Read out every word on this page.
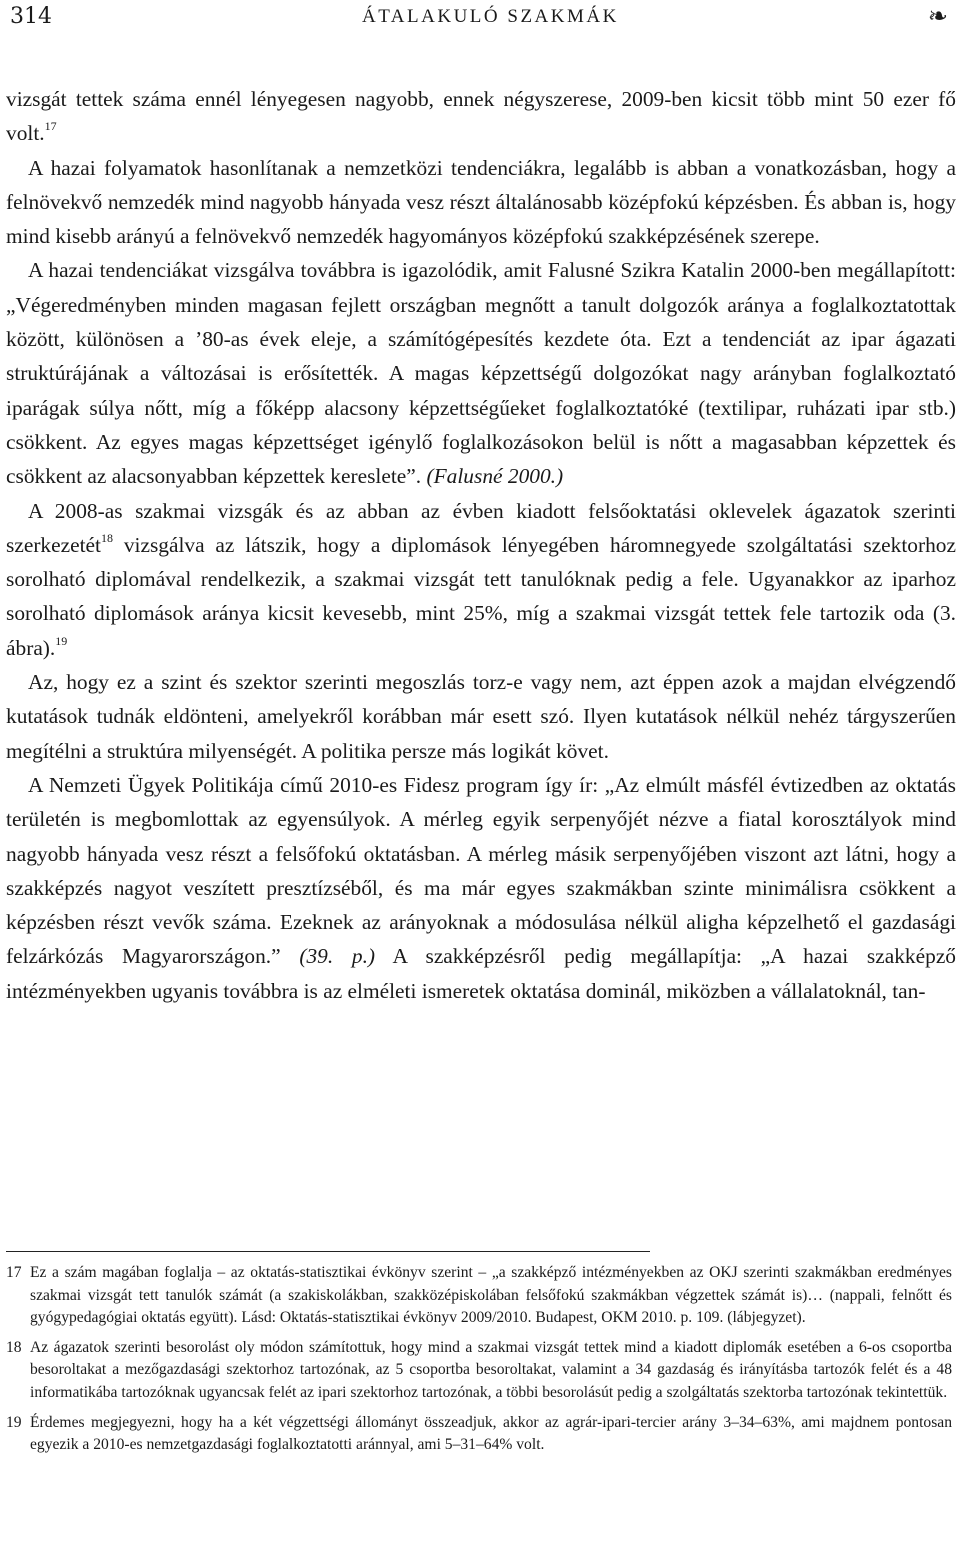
314	ÁTALAKULÓ SZAKMÁK	❧

vizsgát tettek száma ennél lényegesen nagyobb, ennek négyszerese, 2009-ben kicsit több mint 50 ezer fő volt.$^{17}$

A hazai folyamatok hasonlítanak a nemzetközi tendenciákra, legalább is abban a vonatkozásban, hogy a felnövekvő nemzedék mind nagyobb hányada vesz részt általánosabb középfokú képzésben. És abban is, hogy mind kisebb arányú a felnövekvő nemzedék hagyományos középfokú szakképzésének szerepe.

A hazai tendenciákat vizsgálva továbbra is igazolódik, amit Falusné Szikra Katalin 2000-ben megállapított: „Végeredményben minden magasan fejlett országban megnőtt a tanult dolgozók aránya a foglalkoztatottak között, különösen a ’80-as évek eleje, a számítógépesítés kezdete óta. Ezt a tendenciát az ipar ágazati struktúrájának a változásai is erősítették. A magas képzettségű dolgozókat nagy arányban foglalkoztató iparágak súlya nőtt, míg a főképp alacsony képzettségűeket foglalkoztatóké (textilipar, ruházati ipar stb.) csökkent. Az egyes magas képzettséget igénylő foglalkozásokon belül is nőtt a magasabban képzettek és csökkent az alacsonyabban képzettek kereslete”. (Falusné 2000.)

A 2008-as szakmai vizsgák és az abban az évben kiadott felsőoktatási oklevelek ágazatok szerinti szerkezetét$^{18}$ vizsgálva az látszik, hogy a diplomások lényegében háromnegyede szolgáltatási szektorhoz sorolható diplomával rendelkezik, a szakmai vizsgát tett tanulóknak pedig a fele. Ugyanakkor az iparhoz sorolható diplomások aránya kicsit kevesebb, mint 25%, míg a szakmai vizsgát tettek fele tartozik oda (3. ábra).$^{19}$

Az, hogy ez a szint és szektor szerinti megoszlás torz-e vagy nem, azt éppen azok a majdan elvégzendő kutatások tudnák eldönteni, amelyekről korábban már esett szó. Ilyen kutatások nélkül nehéz tárgyszerűen megítélni a struktúra milyenségét. A politika persze más logikát követ.

A Nemzeti Ügyek Politikája című 2010-es Fidesz program így ír: „Az elmúlt másfél évtizedben az oktatás területén is megbomlottak az egyensúlyok. A mérleg egyik serpenyőjét nézve a fiatal korosztályok mind nagyobb hányada vesz részt a felsőfokú oktatásban. A mérleg másik serpenyőjében viszont azt látni, hogy a szakképzés nagyot veszített presztízséből, és ma már egyes szakmákban szinte minimálisra csökkent a képzésben részt vevők száma. Ezeknek az arányoknak a módosulása nélkül aligha képzelhető el gazdasági felzárkózás Magyarországon.” (39. p.) A szakképzésről pedig megállapítja: „A hazai szakképző intézményekben ugyanis továbbra is az elméleti ismeretek oktatása dominál, miközben a vállalatoknál, tan-

17 Ez a szám magában foglalja – az oktatás-statisztikai évkönyv szerint – „a szakképző intézményekben az OKJ szerinti szakmákban eredményes szakmai vizsgát tett tanulók számát (a szakiskolákban, szakközépiskolában felsőfokú szakmákban végzettek számát is)… (nappali, felnőtt és gyógypedagógiai oktatás együtt). Lásd: Oktatás-statisztikai évkönyv 2009/2010. Budapest, OKM 2010. p. 109. (lábjegyzet).
18 Az ágazatok szerinti besorolást oly módon számítottuk, hogy mind a szakmai vizsgát tettek mind a kiadott diplomák esetében a 6-os csoportba besoroltakat a mezőgazdasági szektorhoz tartozónak, az 5 csoportba besoroltakat, valamint a 34 gazdaság és irányításba tartozók felét és a 48 informatikába tartozóknak ugyancsak felét az ipari szektorhoz tartozónak, a többi besorolásút pedig a szolgáltatás szektorba tartozónak tekintettük.
19 Érdemes megjegyezni, hogy ha a két végzettségi állományt összeadjuk, akkor az agrár-ipari-tercier arány 3–34–63%, ami majdnem pontosan egyezik a 2010-es nemzetgazdasági foglalkoztatotti aránnyal, ami 5–31–64% volt.
